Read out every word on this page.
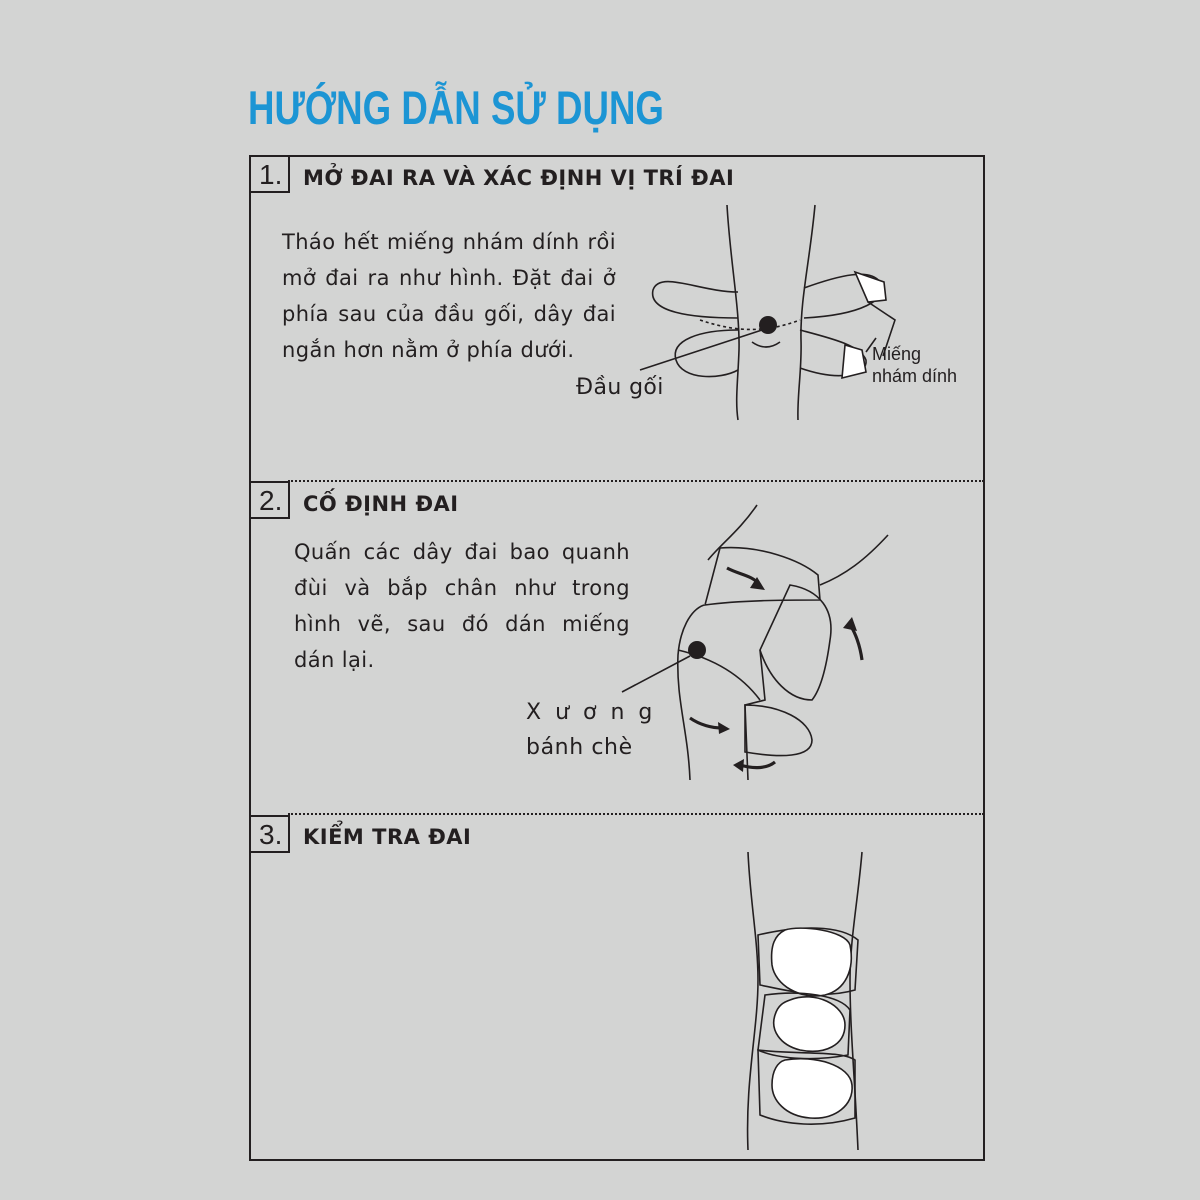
HƯỚNG DẪN SỬ DỤNG
1. MỞ ĐAI RA VÀ XÁC ĐỊNH VỊ TRÍ ĐAI
Tháo hết miếng nhám dính rồi mở đai ra như hình. Đặt đai ở phía sau của đầu gối, dây đai ngắn hơn nằm ở phía dưới.
2. CỐ ĐỊNH ĐAI
Quấn các dây đai bao quanh đùi và bắp chân như trong hình vẽ, sau đó dán miếng dán lại.
3. KIỂM TRA ĐAI
Đầu gối
Miếng
nhám dính
Xương
bánh chè
